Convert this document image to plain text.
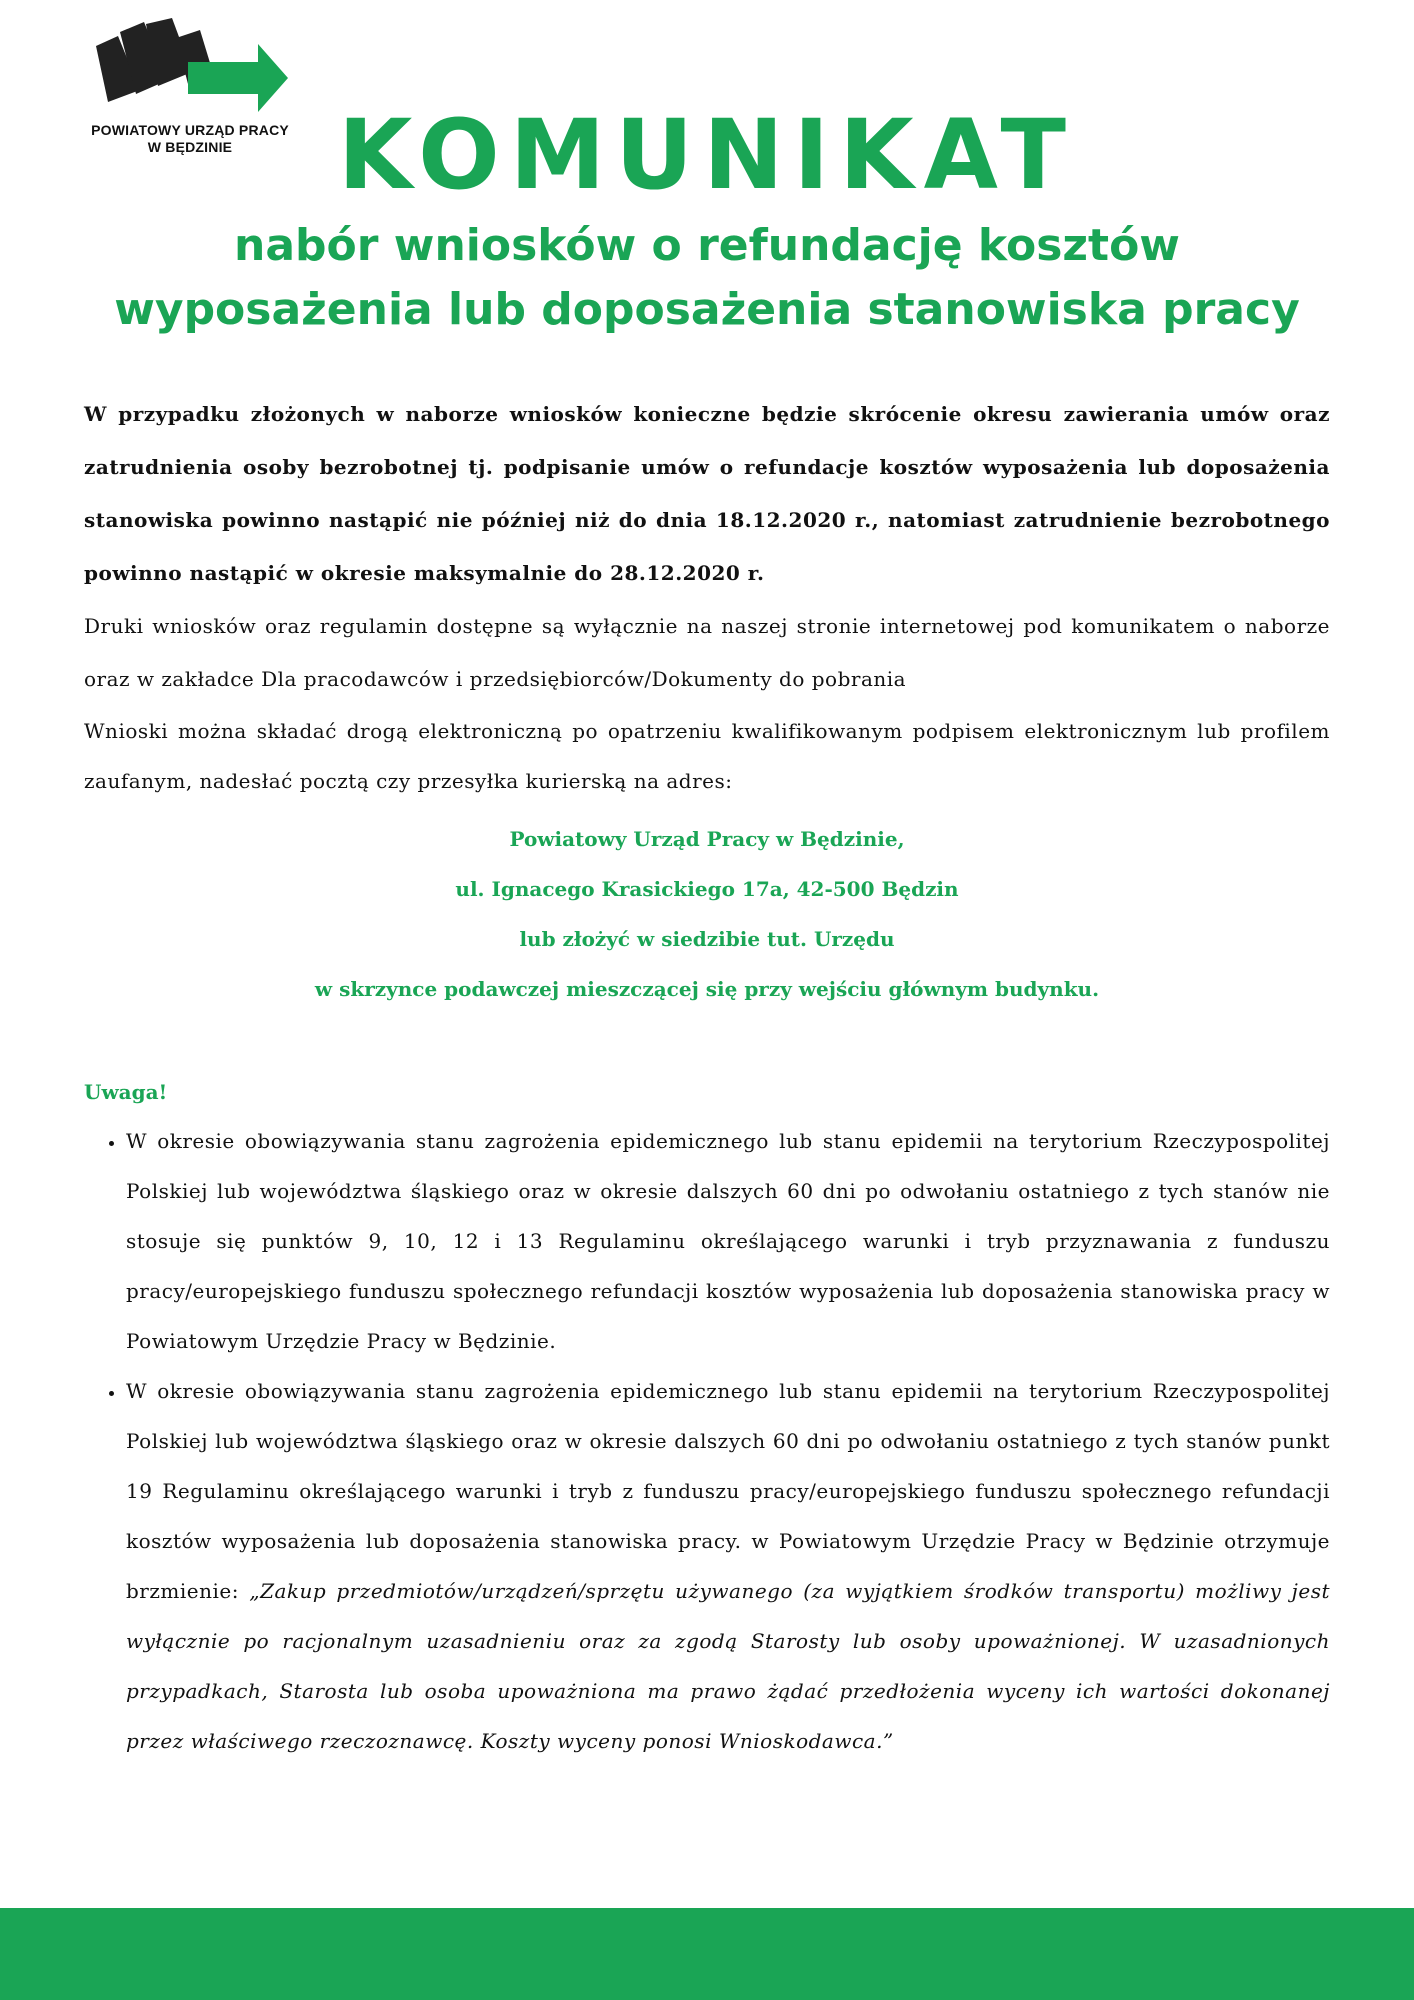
POWIATOWY URZĄD PRACY
W BĘDZINIE	KOMUNIKAT
nabór wniosków o refundację kosztów
wyposażenia lub doposażenia stanowiska pracy

W przypadku złożonych w naborze wniosków konieczne będzie skrócenie okresu zawierania umów oraz zatrudnienia osoby bezrobotnej tj. podpisanie umów o refundacje kosztów wyposażenia lub doposażenia stanowiska powinno nastąpić nie później niż do dnia 18.12.2020 r., natomiast zatrudnienie bezrobotnego powinno nastąpić w okresie maksymalnie do 28.12.2020 r.

Druki wniosków oraz regulamin dostępne są wyłącznie na naszej stronie internetowej pod komunikatem o naborze oraz w zakładce Dla pracodawców i przedsiębiorców/Dokumenty do pobrania

Wnioski można składać drogą elektroniczną po opatrzeniu kwalifikowanym podpisem elektronicznym lub profilem zaufanym, nadesłać pocztą czy przesyłka kurierską na adres:

Powiatowy Urząd Pracy w Będzinie,

ul. Ignacego Krasickiego 17a, 42-500 Będzin

lub złożyć w siedzibie tut. Urzędu

w skrzynce podawczej mieszczącej się przy wejściu głównym budynku.

Uwaga!
• W okresie obowiązywania stanu zagrożenia epidemicznego lub stanu epidemii na terytorium Rzeczypospolitej Polskiej lub województwa śląskiego oraz w okresie dalszych 60 dni po odwołaniu ostatniego z tych stanów nie stosuje się punktów 9, 10, 12 i 13 Regulaminu określającego warunki i tryb przyznawania z funduszu pracy/europejskiego funduszu społecznego refundacji kosztów wyposażenia lub doposażenia stanowiska pracy w Powiatowym Urzędzie Pracy w Będzinie.
• W okresie obowiązywania stanu zagrożenia epidemicznego lub stanu epidemii na terytorium Rzeczypospolitej Polskiej lub województwa śląskiego oraz w okresie dalszych 60 dni po odwołaniu ostatniego z tych stanów punkt 19 Regulaminu określającego warunki i tryb z funduszu pracy/europejskiego funduszu społecznego refundacji kosztów wyposażenia lub doposażenia stanowiska pracy. w Powiatowym Urzędzie Pracy w Będzinie otrzymuje brzmienie: „Zakup przedmiotów/urządzeń/sprzętu używanego (za wyjątkiem środków transportu) możliwy jest wyłącznie po racjonalnym uzasadnieniu oraz za zgodą Starosty lub osoby upoważnionej. W uzasadnionych przypadkach, Starosta lub osoba upoważniona ma prawo żądać przedłożenia wyceny ich wartości dokonanej przez właściwego rzeczoznawcę. Koszty wyceny ponosi Wnioskodawca.”
